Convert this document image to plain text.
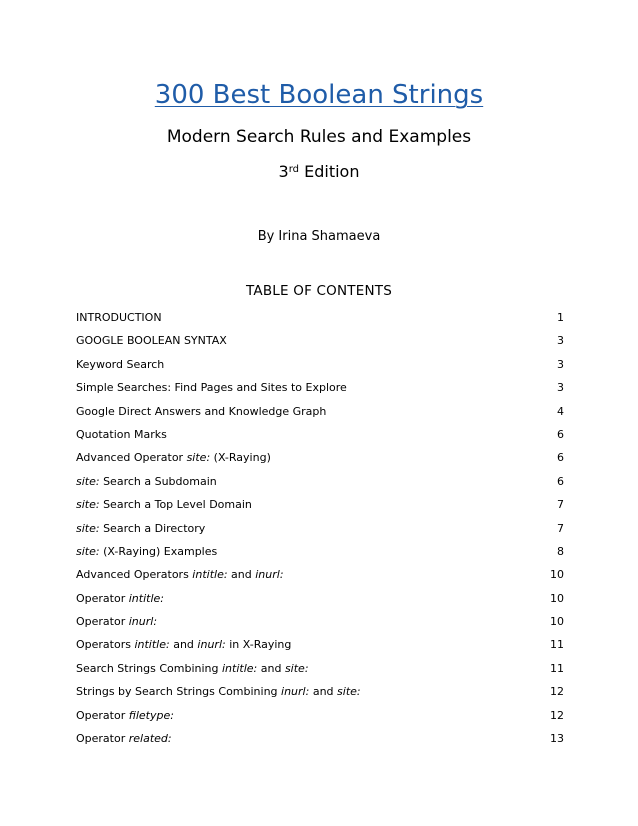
300 Best Boolean Strings
Modern Search Rules and Examples
3rd Edition
By Irina Shamaeva
TABLE OF CONTENTS
INTRODUCTION	1
GOOGLE BOOLEAN SYNTAX	3
Keyword Search	3
Simple Searches: Find Pages and Sites to Explore	3
Google Direct Answers and Knowledge Graph	4
Quotation Marks	6
Advanced Operator site: (X-Raying)	6
site: Search a Subdomain	6
site: Search a Top Level Domain	7
site: Search a Directory	7
site: (X-Raying) Examples	8
Advanced Operators intitle: and inurl:	10
Operator intitle:	10
Operator inurl:	10
Operators intitle: and inurl: in X-Raying	11
Search Strings Combining intitle: and site:	11
Strings by Search Strings Combining inurl: and site:	12
Operator filetype:	12
Operator related:	13
